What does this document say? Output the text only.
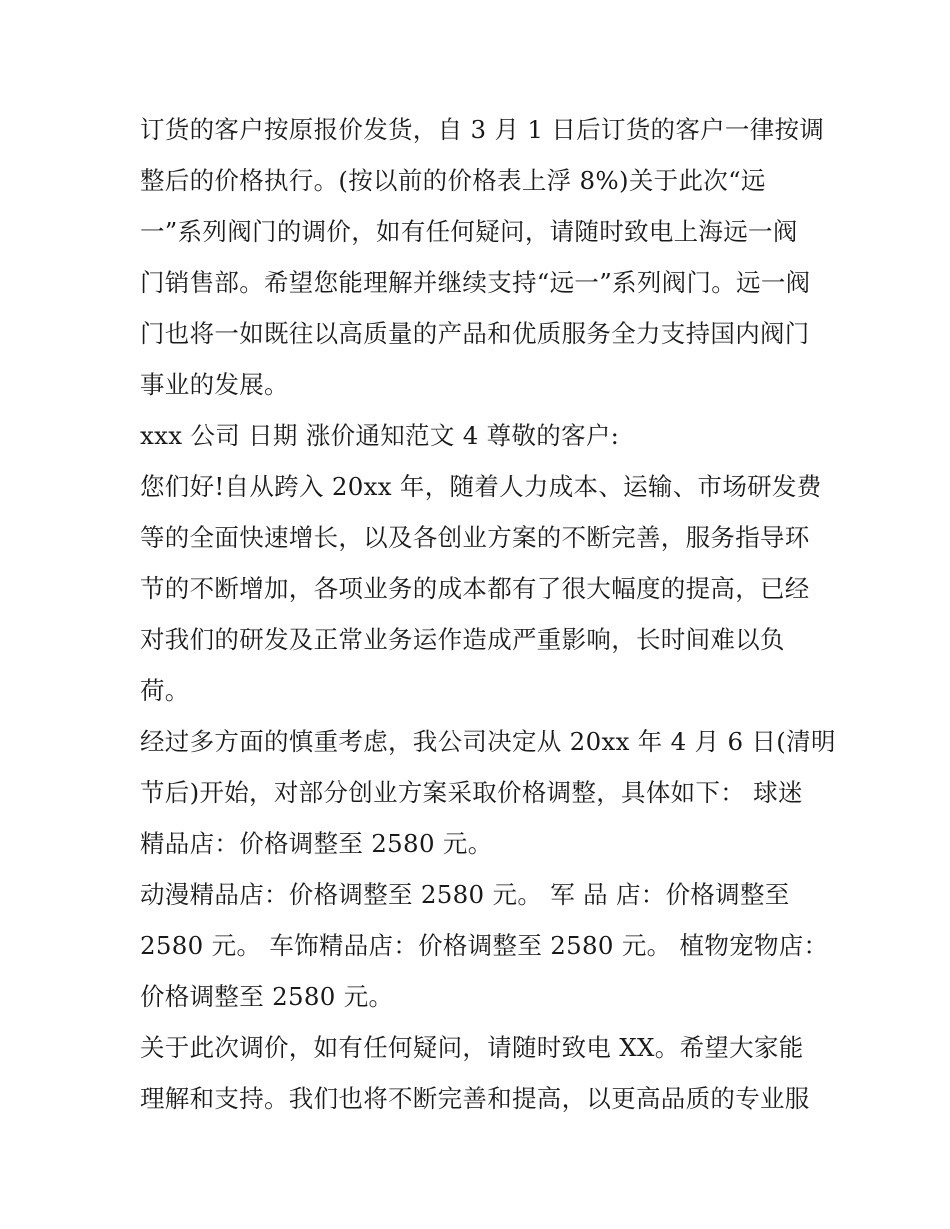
订货的客户按原报价发货，自 3 月 1 日后订货的客户一律按调
整后的价格执行。(按以前的价格表上浮 8%)关于此次“远
一”系列阀门的调价，如有任何疑问，请随时致电上海远一阀
门销售部。希望您能理解并继续支持“远一”系列阀门。远一阀
门也将一如既往以高质量的产品和优质服务全力支持国内阀门
事业的发展。
xxx 公司 日期 涨价通知范文 4 尊敬的客户:
您们好!自从跨入 20xx 年，随着人力成本、运输、市场研发费
等的全面快速增长，以及各创业方案的不断完善，服务指导环
节的不断增加，各项业务的成本都有了很大幅度的提高，已经
对我们的研发及正常业务运作造成严重影响，长时间难以负
荷。
经过多方面的慎重考虑，我公司决定从 20xx 年 4 月 6 日(清明
节后)开始，对部分创业方案采取价格调整，具体如下： 球迷
精品店：价格调整至 2580 元。
动漫精品店：价格调整至 2580 元。 军 品 店：价格调整至
2580 元。 车饰精品店：价格调整至 2580 元。 植物宠物店：
价格调整至 2580 元。
关于此次调价，如有任何疑问，请随时致电 XX。希望大家能
理解和支持。我们也将不断完善和提高，以更高品质的专业服
